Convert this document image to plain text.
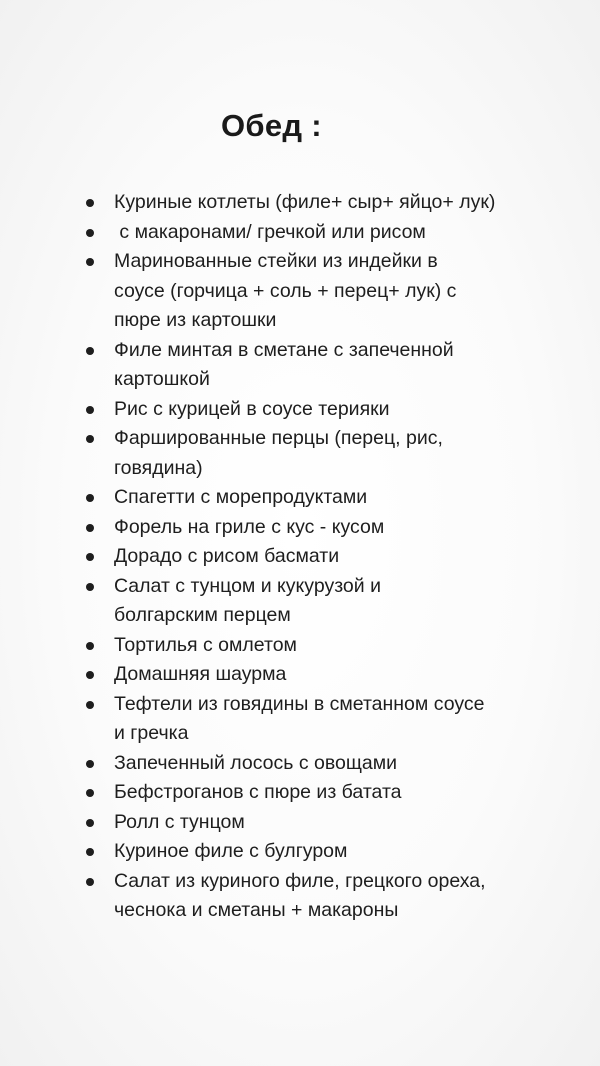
Обед :
Куриные котлеты (филе+ сыр+ яйцо+ лук)
с макаронами/ гречкой или рисом
Маринованные стейки из индейки в
соусе (горчица + соль + перец+ лук) с
пюре из картошки
Филе минтая в сметане с запеченной
картошкой
Рис с курицей в соусе терияки
Фаршированные перцы (перец, рис,
говядина)
Спагетти с морепродуктами
Форель на гриле с кус - кусом
Дорадо с рисом басмати
Салат с тунцом и кукурузой и
болгарским перцем
Тортилья с омлетом
Домашняя шаурма
Тефтели из говядины в сметанном соусе
и гречка
Запеченный лосось с овощами
Бефстроганов с пюре из батата
Ролл с тунцом
Куриное филе с булгуром
Салат из куриного филе, грецкого ореха,
чеснока и сметаны + макароны
